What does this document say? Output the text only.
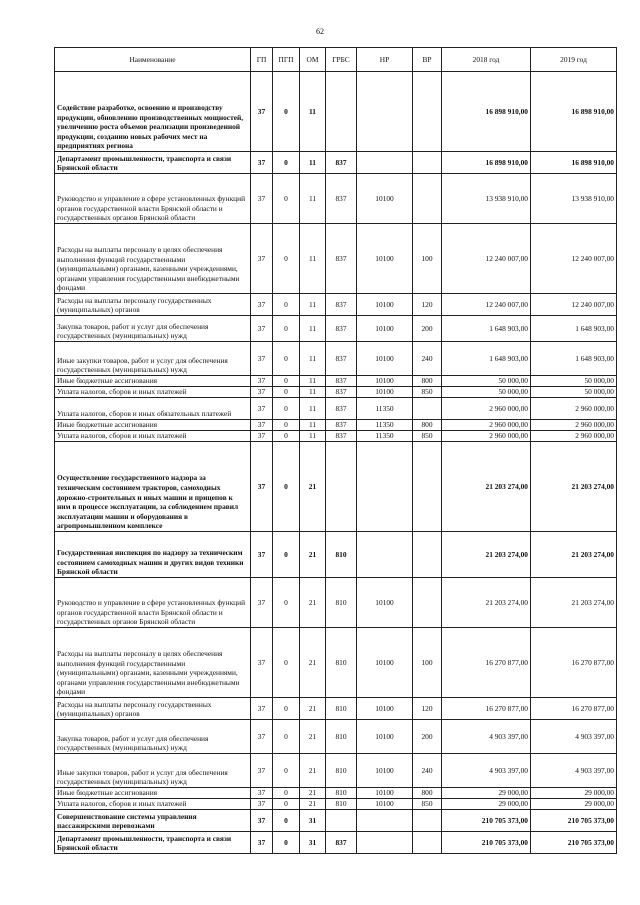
62
Наименование	ГП	ПГП	ОМ	ГРБС	НР	ВР	2018 год	2019 год
Содействие разработке, освоению и производству продукции, обновлению производственных мощностей, увеличению роста объемов реализации произведенной продукции, созданию новых рабочих мест на предприятиях региона	37	0	11				16 898 910,00	16 898 910,00
Департамент промышленности, транспорта и связи Брянской области	37	0	11	837			16 898 910,00	16 898 910,00
Руководство и управление в сфере установленных функций органов государственной власти Брянской области и государственных органов Брянской области	37	0	11	837	10100		13 938 910,00	13 938 910,00
Расходы на выплаты персоналу в целях обеспечения выполнения функций государственными (муниципальными) органами, казенными учреждениями, органами управления государственными внебюджетными фондами	37	0	11	837	10100	100	12 240 007,00	12 240 007,00
Расходы на выплаты персоналу государственных (муниципальных) органов	37	0	11	837	10100	120	12 240 007,00	12 240 007,00
Закупка товаров, работ и услуг для обеспечения государственных (муниципальных) нужд	37	0	11	837	10100	200	1 648 903,00	1 648 903,00
Иные закупки товаров, работ и услуг для обеспечения государственных (муниципальных) нужд	37	0	11	837	10100	240	1 648 903,00	1 648 903,00
Иные бюджетные ассигнования	37	0	11	837	10100	800	50 000,00	50 000,00
Уплата налогов, сборов и иных платежей	37	0	11	837	10100	850	50 000,00	50 000,00
Уплата налогов, сборов и иных обязательных платежей	37	0	11	837	11350		2 960 000,00	2 960 000,00
Иные бюджетные ассигнования	37	0	11	837	11350	800	2 960 000,00	2 960 000,00
Уплата налогов, сборов и иных платежей	37	0	11	837	11350	850	2 960 000,00	2 960 000,00
Осуществление государственного надзора за техническим состоянием тракторов, самоходных дорожно-строительных и иных машин и прицепов к ним в процессе эксплуатации, за соблюдением правил эксплуатации машин и оборудования в агропромышленном комплексе	37	0	21				21 203 274,00	21 203 274,00
Государственная инспекция по надзору за техническим состоянием самоходных машин и других видов техники Брянской области	37	0	21	810			21 203 274,00	21 203 274,00
Руководство и управление в сфере установленных функций органов государственной власти Брянской области и государственных органов Брянской области	37	0	21	810	10100		21 203 274,00	21 203 274,00
Расходы на выплаты персоналу в целях обеспечения выполнения функций государственными (муниципальными) органами, казенными учреждениями, органами управления государственными внебюджетными фондами	37	0	21	810	10100	100	16 270 877,00	16 270 877,00
Расходы на выплаты персоналу государственных (муниципальных) органов	37	0	21	810	10100	120	16 270 877,00	16 270 877,00
Закупка товаров, работ и услуг для обеспечения государственных (муниципальных) нужд	37	0	21	810	10100	200	4 903 397,00	4 903 397,00
Иные закупки товаров, работ и услуг для обеспечения государственных (муниципальных) нужд	37	0	21	810	10100	240	4 903 397,00	4 903 397,00
Иные бюджетные ассигнования	37	0	21	810	10100	800	29 000,00	29 000,00
Уплата налогов, сборов и иных платежей	37	0	21	810	10100	850	29 000,00	29 000,00
Совершенствование системы управления пассажирскими перевозками	37	0	31				210 705 373,00	210 705 373,00
Департамент промышленности, транспорта и связи Брянской области	37	0	31	837			210 705 373,00	210 705 373,00
